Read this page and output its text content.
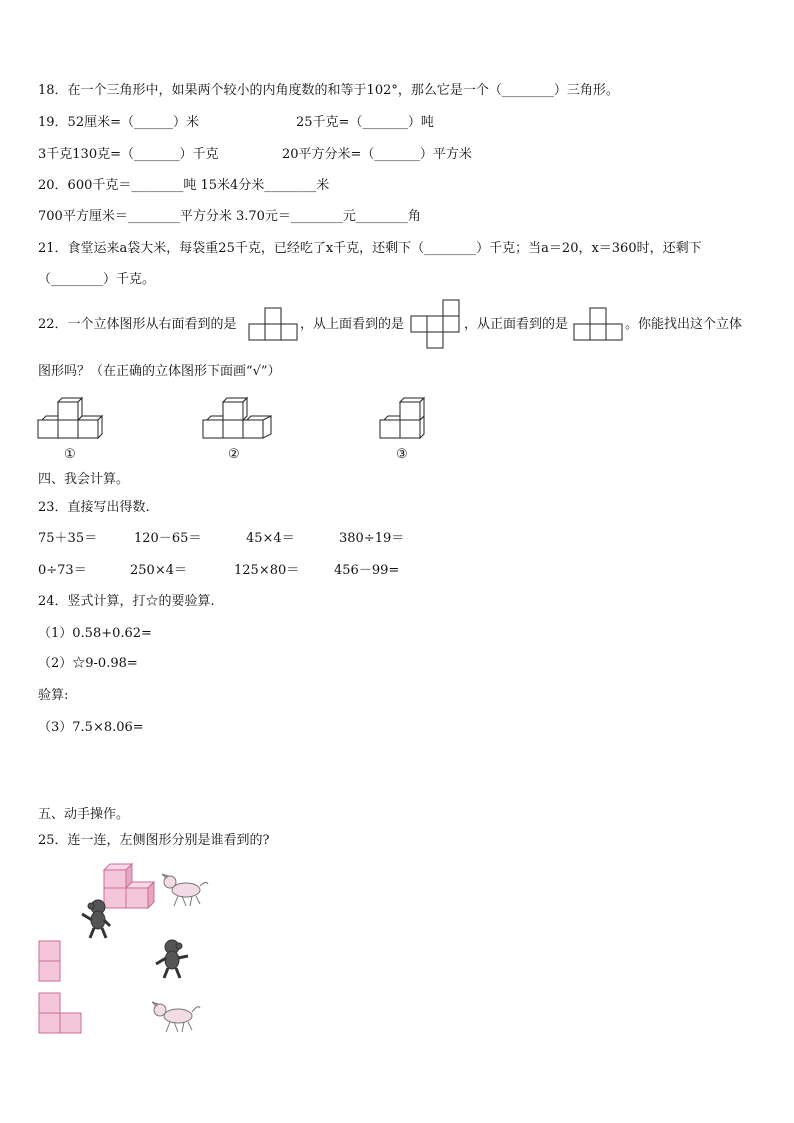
18．在一个三角形中，如果两个较小的内角度数的和等于102°，那么它是一个（________）三角形。
19．52厘米=（______）米	25千克=（_______）吨
3千克130克=（_______）千克	20平方分米=（_______）平方米
20．600千克＝________吨 15米4分米________米
700平方厘米＝________平方分米 3.70元＝________元________角
21．食堂运来a袋大米，每袋重25千克，已经吃了x千克，还剩下（________）千克；当a＝20，x＝360时，还剩下
（________）千克。
22．一个立体图形从右面看到的是	，从上面看到的是	，从正面看到的是	。你能找出这个立体
图形吗？（在正确的立体图形下面画“√”）
①	②	③
四、我会计算。
23．直接写出得数.
75＋35＝	120－65＝	45×4＝	380÷19＝
0÷73＝	250×4＝	125×80＝	456－99=
24．竖式计算，打☆的要验算.
（1）0.58+0.62=
（2）☆9-0.98=
验算:
（3）7.5×8.06=
五、动手操作。
25．连一连，左侧图形分别是谁看到的?
